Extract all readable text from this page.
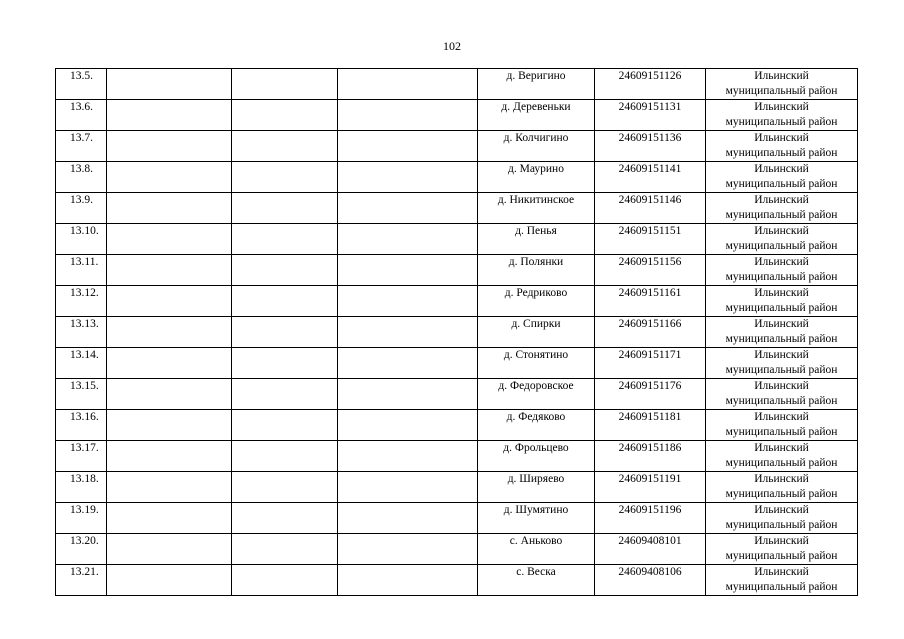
102
13.5.				д. Веригино	24609151126	Ильинский
муниципальный район

13.6.				д. Деревеньки	24609151131	Ильинский
муниципальный район

13.7.				д. Колчигино	24609151136	Ильинский
муниципальный район

13.8.				д. Маурино	24609151141	Ильинский
муниципальный район

13.9.				д. Никитинское	24609151146	Ильинский
муниципальный район

13.10.				д. Пенья	24609151151	Ильинский
муниципальный район

13.11.				д. Полянки	24609151156	Ильинский
муниципальный район

13.12.				д. Редриково	24609151161	Ильинский
муниципальный район

13.13.				д. Спирки	24609151166	Ильинский
муниципальный район

13.14.				д. Стонятино	24609151171	Ильинский
муниципальный район

13.15.				д. Федоровское	24609151176	Ильинский
муниципальный район

13.16.				д. Федяково	24609151181	Ильинский
муниципальный район

13.17.				д. Фрольцево	24609151186	Ильинский
муниципальный район

13.18.				д. Ширяево	24609151191	Ильинский
муниципальный район

13.19.				д. Шумятино	24609151196	Ильинский
муниципальный район

13.20.				с. Аньково	24609408101	Ильинский
муниципальный район

13.21.				с. Веска	24609408106	Ильинский
муниципальный район
